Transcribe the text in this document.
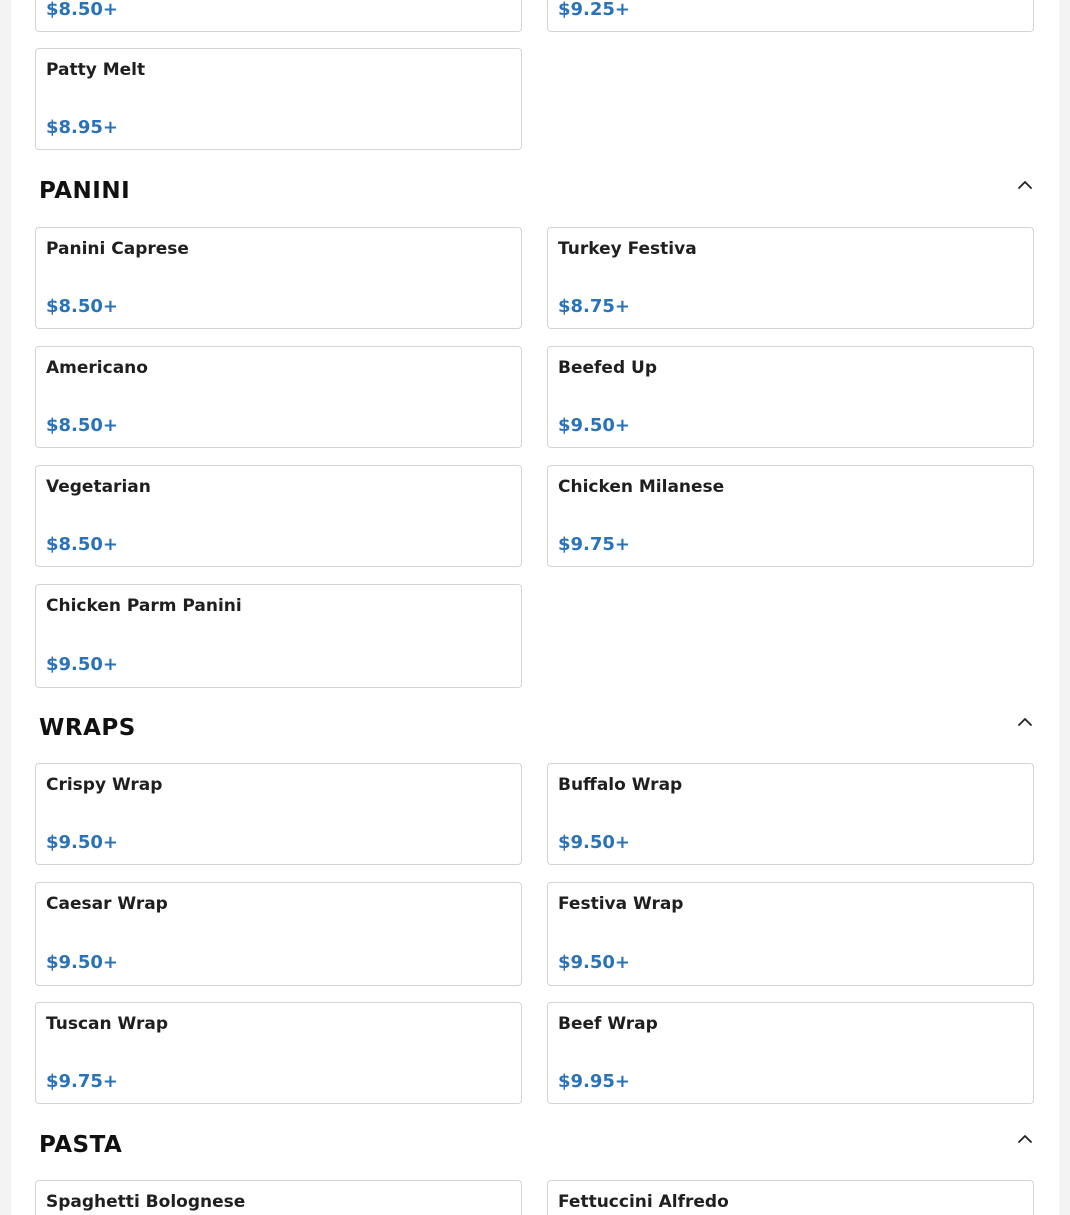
$8.50+	$9.25+
Patty Melt
$8.95+
PANINI
Panini Caprese
$8.50+
Turkey Festiva
$8.75+
Americano
$8.50+
Beefed Up
$9.50+
Vegetarian
$8.50+
Chicken Milanese
$9.75+
Chicken Parm Panini
$9.50+
WRAPS
Crispy Wrap
$9.50+
Buffalo Wrap
$9.50+
Caesar Wrap
$9.50+
Festiva Wrap
$9.50+
Tuscan Wrap
$9.75+
Beef Wrap
$9.95+
PASTA
Spaghetti Bolognese	Fettuccini Alfredo
